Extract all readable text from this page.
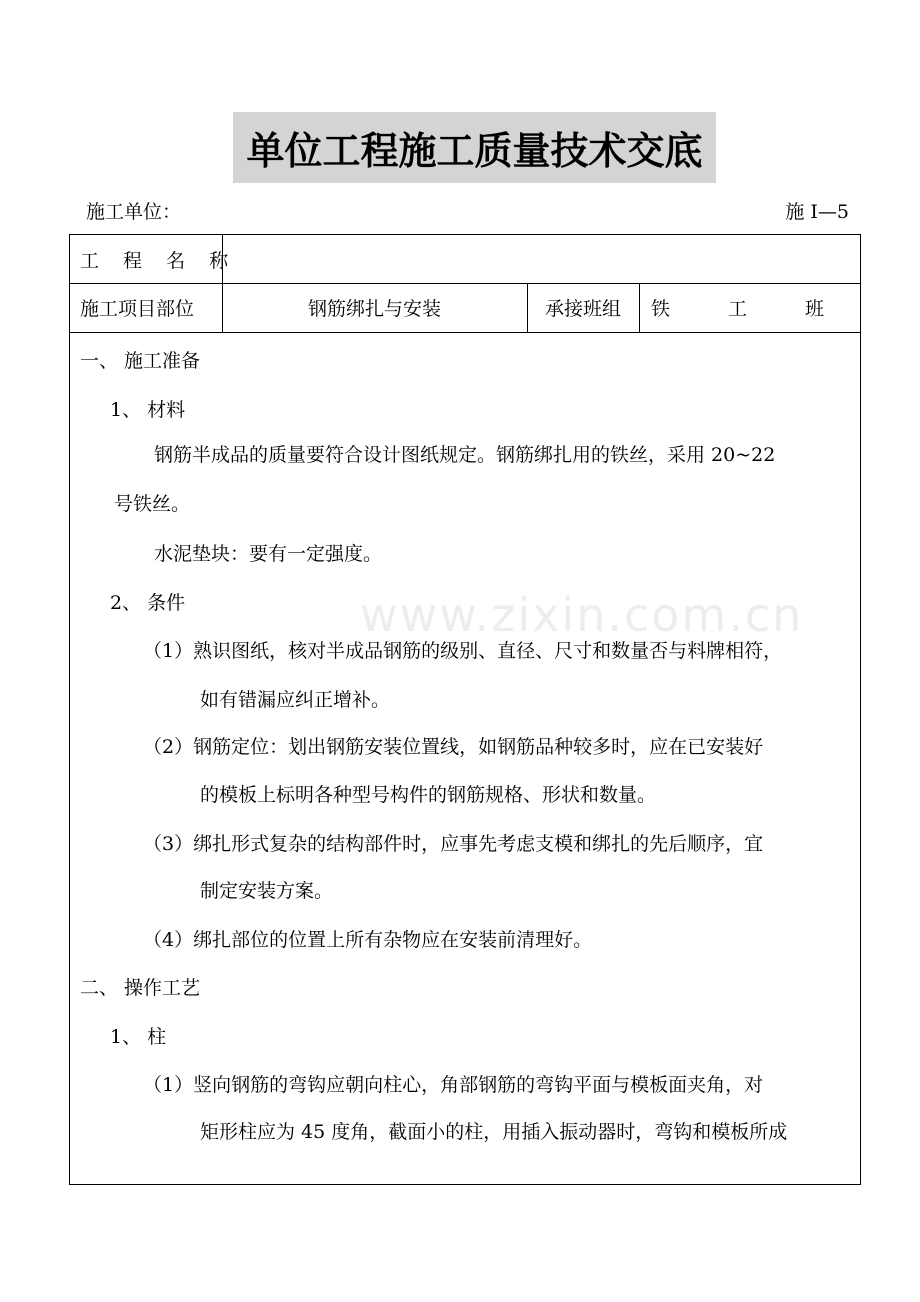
单位工程施工质量技术交底
施工单位：	施 I—5
www.zixin.com.cn
工 程 名 称
施工项目部位	钢筋绑扎与安装	承接班组	铁 工 班
一、 施工准备
1、 材料
钢筋半成品的质量要符合设计图纸规定。钢筋绑扎用的铁丝，采用 20~22
号铁丝。
水泥垫块：要有一定强度。
2、 条件
（1）熟识图纸，核对半成品钢筋的级别、直径、尺寸和数量否与料牌相符，
如有错漏应纠正增补。
（2）钢筋定位：划出钢筋安装位置线，如钢筋品种较多时，应在已安装好
的模板上标明各种型号构件的钢筋规格、形状和数量。
（3）绑扎形式复杂的结构部件时，应事先考虑支模和绑扎的先后顺序，宜
制定安装方案。
（4）绑扎部位的位置上所有杂物应在安装前清理好。
二、 操作工艺
1、 柱
（1）竖向钢筋的弯钩应朝向柱心，角部钢筋的弯钩平面与模板面夹角，对
矩形柱应为 45 度角，截面小的柱，用插入振动器时，弯钩和模板所成
